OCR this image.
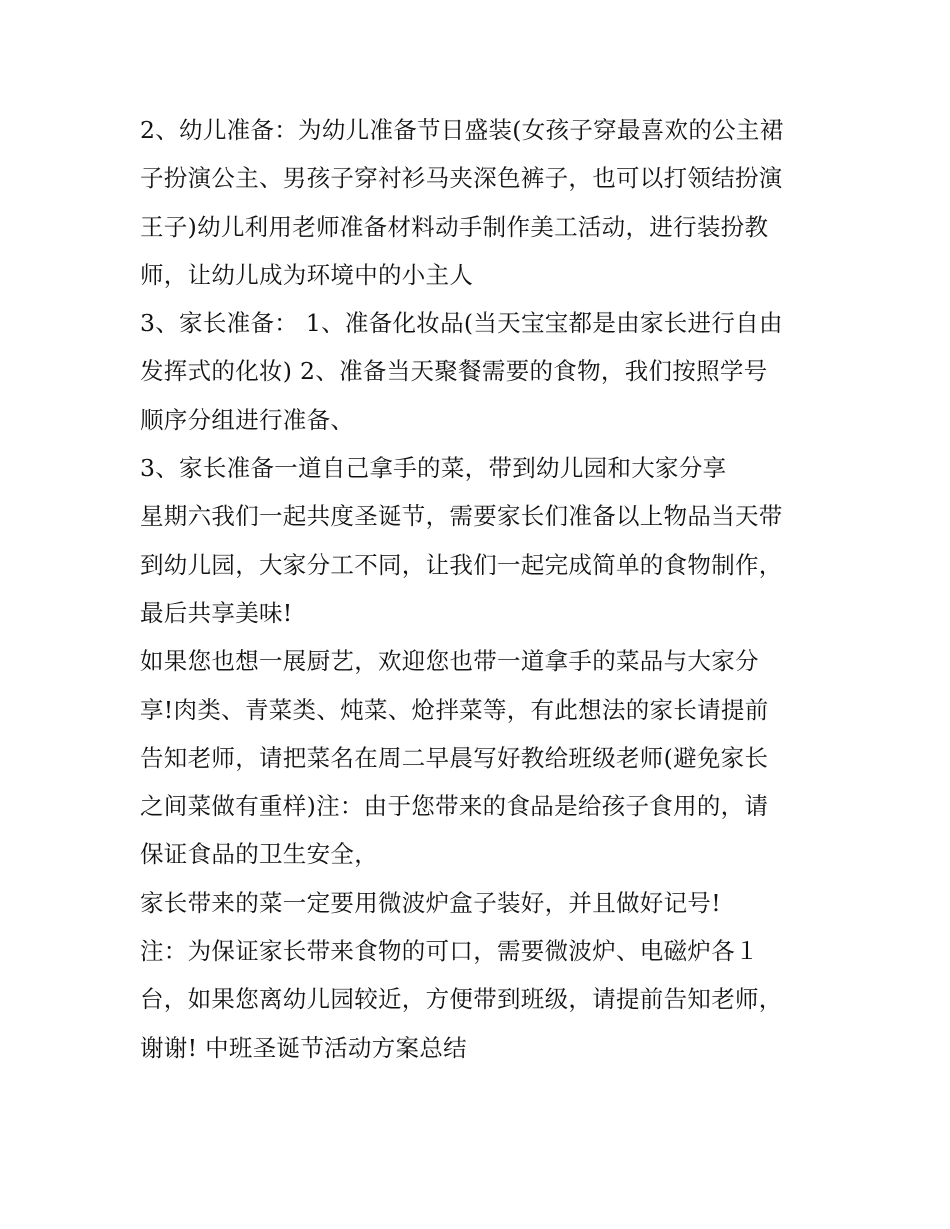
2、幼儿准备：为幼儿准备节日盛装(女孩子穿最喜欢的公主裙
子扮演公主、男孩子穿衬衫马夹深色裤子，也可以打领结扮演
王子)幼儿利用老师准备材料动手制作美工活动，进行装扮教
师，让幼儿成为环境中的小主人
3、家长准备： 1、准备化妆品(当天宝宝都是由家长进行自由
发挥式的化妆) 2、准备当天聚餐需要的食物，我们按照学号
顺序分组进行准备、
3、家长准备一道自己拿手的菜，带到幼儿园和大家分享
星期六我们一起共度圣诞节，需要家长们准备以上物品当天带
到幼儿园，大家分工不同，让我们一起完成简单的食物制作，
最后共享美味!
如果您也想一展厨艺，欢迎您也带一道拿手的菜品与大家分
享!肉类、青菜类、炖菜、炝拌菜等，有此想法的家长请提前
告知老师，请把菜名在周二早晨写好教给班级老师(避免家长
之间菜做有重样)注：由于您带来的食品是给孩子食用的，请
保证食品的卫生安全，
家长带来的菜一定要用微波炉盒子装好，并且做好记号!
注：为保证家长带来食物的可口，需要微波炉、电磁炉各１
台，如果您离幼儿园较近，方便带到班级，请提前告知老师，
谢谢! 中班圣诞节活动方案总结
